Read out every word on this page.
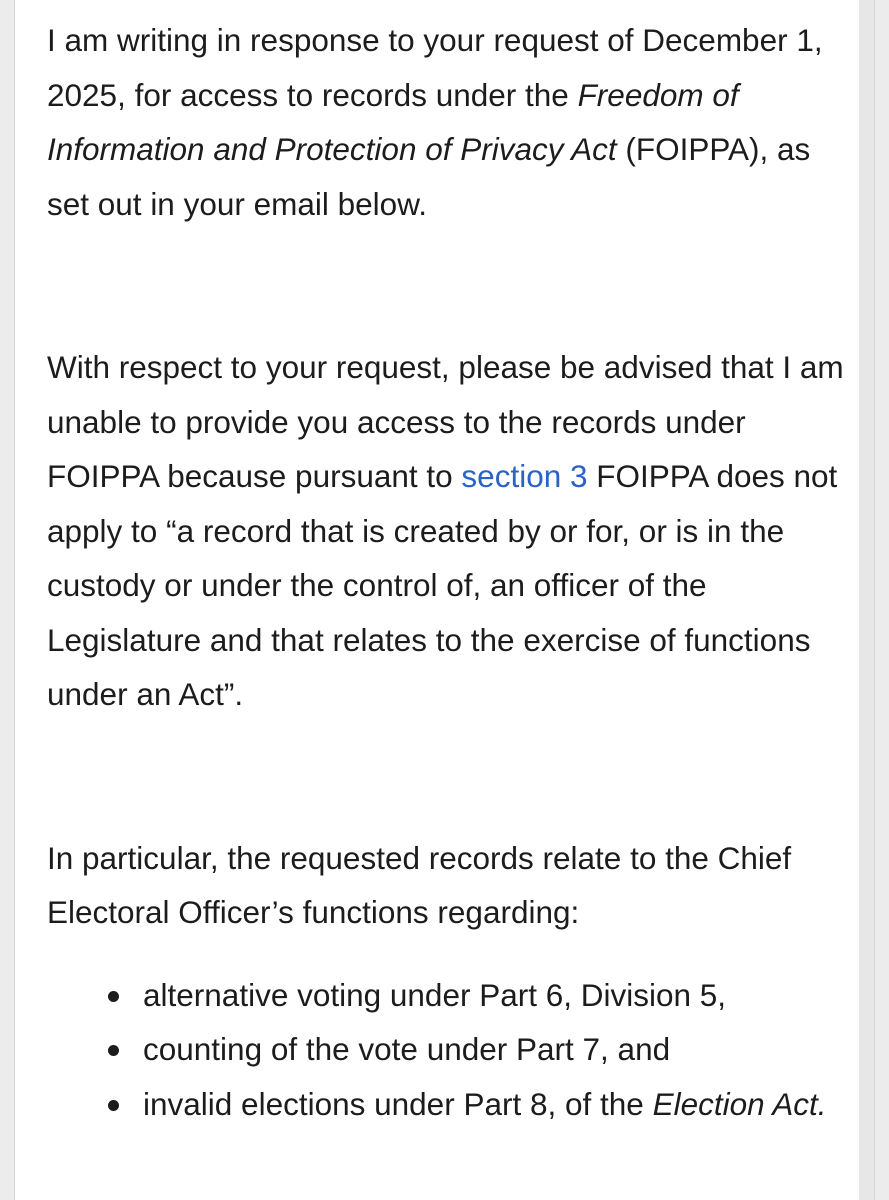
I am writing in response to your request of December 1, 2025, for access to records under the Freedom of Information and Protection of Privacy Act (FOIPPA), as set out in your email below.

With respect to your request, please be advised that I am unable to provide you access to the records under FOIPPA because pursuant to section 3 FOIPPA does not apply to “a record that is created by or for, or is in the custody or under the control of, an officer of the Legislature and that relates to the exercise of functions under an Act”.

In particular, the requested records relate to the Chief Electoral Officer’s functions regarding:

alternative voting under Part 6, Division 5,
counting of the vote under Part 7, and
invalid elections under Part 8, of the Election Act.
